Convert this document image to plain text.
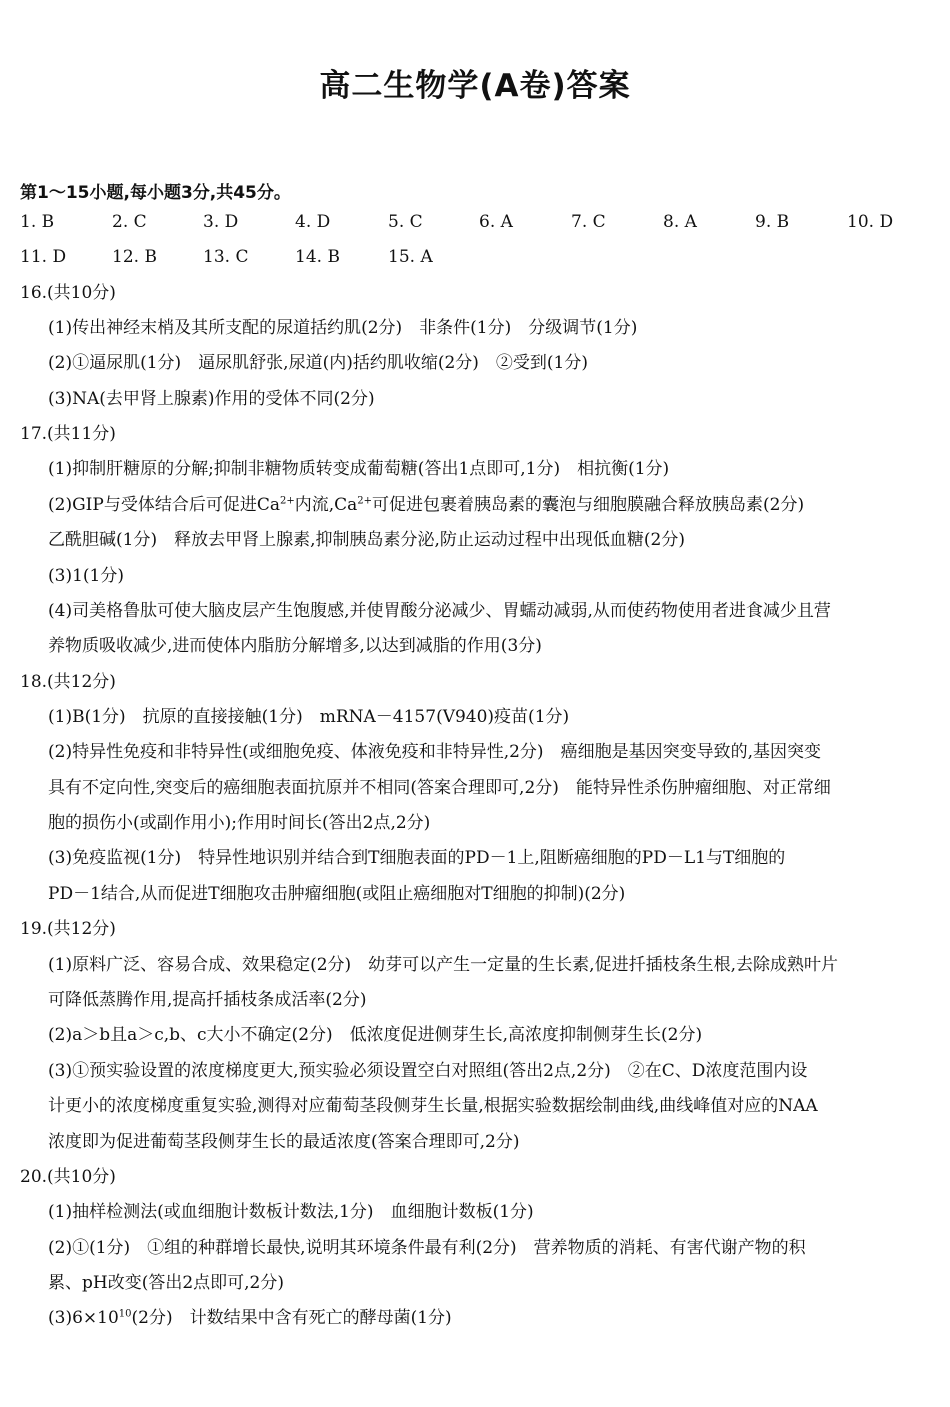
高二生物学(A卷)答案
第1～15小题,每小题3分,共45分。
1. B	2. C	3. D	4. D	5. C	6. A	7. C	8. A	9. B	10. D
11. D	12. B	13. C	14. B	15. A
16.(共10分)
(1)传出神经末梢及其所支配的尿道括约肌(2分)　非条件(1分)　分级调节(1分)
(2)①逼尿肌(1分)　逼尿肌舒张,尿道(内)括约肌收缩(2分)　②受到(1分)
(3)NA(去甲肾上腺素)作用的受体不同(2分)
17.(共11分)
(1)抑制肝糖原的分解;抑制非糖物质转变成葡萄糖(答出1点即可,1分)　相抗衡(1分)
(2)GIP与受体结合后可促进$Ca^{2+}$内流$,Ca^{2+}$可促进包裹着胰岛素的囊泡与细胞膜融合释放胰岛素(2分)
乙酰胆碱(1分)　释放去甲肾上腺素,抑制胰岛素分泌,防止运动过程中出现低血糖(2分)
(3)1(1分)
(4)司美格鲁肽可使大脑皮层产生饱腹感,并使胃酸分泌减少、胃蠕动减弱,从而使药物使用者进食减少且营
养物质吸收减少,进而使体内脂肪分解增多,以达到减脂的作用(3分)
18.(共12分)
(1)B(1分)　抗原的直接接触(1分)　mRNA－4157(V940)疫苗(1分)
(2)特异性免疫和非特异性(或细胞免疫、体液免疫和非特异性,2分)　癌细胞是基因突变导致的,基因突变
具有不定向性,突变后的癌细胞表面抗原并不相同(答案合理即可,2分)　能特异性杀伤肿瘤细胞、对正常细
胞的损伤小(或副作用小);作用时间长(答出2点,2分)
(3)免疫监视(1分)　特异性地识别并结合到T细胞表面的PD－1上,阻断癌细胞的PD－L1与T细胞的
PD－1结合,从而促进T细胞攻击肿瘤细胞(或阻止癌细胞对T细胞的抑制)(2分)
19.(共12分)
(1)原料广泛、容易合成、效果稳定(2分)　幼芽可以产生一定量的生长素,促进扦插枝条生根,去除成熟叶片
可降低蒸腾作用,提高扦插枝条成活率(2分)
(2)a＞b且a＞c,b、c大小不确定(2分)　低浓度促进侧芽生长,高浓度抑制侧芽生长(2分)
(3)①预实验设置的浓度梯度更大,预实验必须设置空白对照组(答出2点,2分)　②在C、D浓度范围内设
计更小的浓度梯度重复实验,测得对应葡萄茎段侧芽生长量,根据实验数据绘制曲线,曲线峰值对应的NAA
浓度即为促进葡萄茎段侧芽生长的最适浓度(答案合理即可,2分)
20.(共10分)
(1)抽样检测法(或血细胞计数板计数法,1分)　血细胞计数板(1分)
(2)①(1分)　①组的种群增长最快,说明其环境条件最有利(2分)　营养物质的消耗、有害代谢产物的积
累、pH改变(答出2点即可,2分)
$(3)6\times 10^{10}(2$分)　计数结果中含有死亡的酵母菌(1分)
